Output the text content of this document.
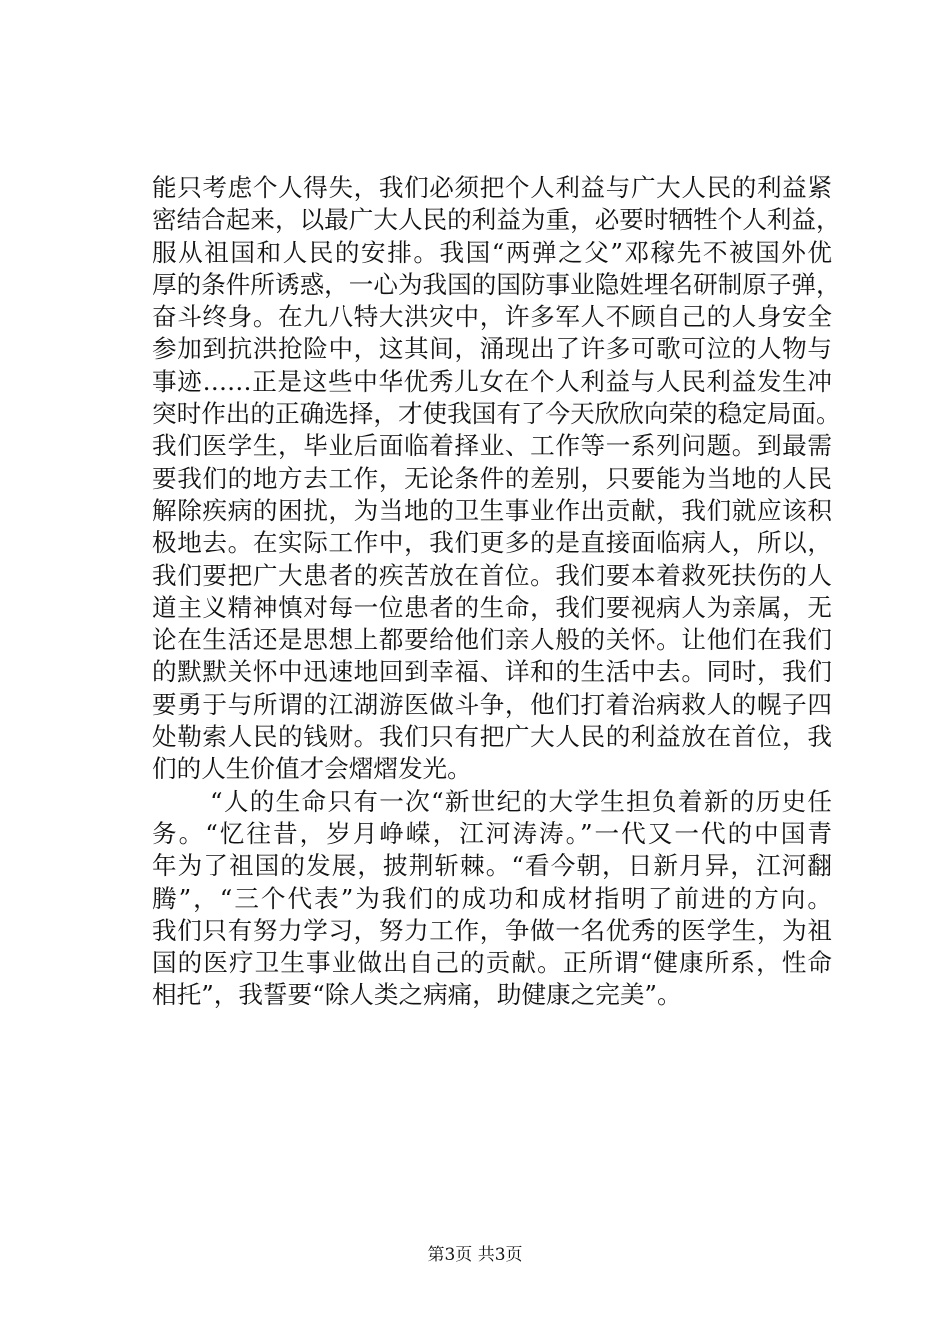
能只考虑个人得失，我们必须把个人利益与广大人民的利益紧
密结合起来，以最广大人民的利益为重，必要时牺牲个人利益，
服从祖国和人民的安排。我国“两弹之父”邓稼先不被国外优
厚的条件所诱惑，一心为我国的国防事业隐姓埋名研制原子弹，
奋斗终身。在九八特大洪灾中，许多军人不顾自己的人身安全
参加到抗洪抢险中，这其间，涌现出了许多可歌可泣的人物与
事迹……正是这些中华优秀儿女在个人利益与人民利益发生冲
突时作出的正确选择，才使我国有了今天欣欣向荣的稳定局面。
我们医学生，毕业后面临着择业、工作等一系列问题。到最需
要我们的地方去工作，无论条件的差别，只要能为当地的人民
解除疾病的困扰，为当地的卫生事业作出贡献，我们就应该积
极地去。在实际工作中，我们更多的是直接面临病人，所以，
我们要把广大患者的疾苦放在首位。我们要本着救死扶伤的人
道主义精神慎对每一位患者的生命，我们要视病人为亲属，无
论在生活还是思想上都要给他们亲人般的关怀。让他们在我们
的默默关怀中迅速地回到幸福、详和的生活中去。同时，我们
要勇于与所谓的江湖游医做斗争，他们打着治病救人的幌子四
处勒索人民的钱财。我们只有把广大人民的利益放在首位，我
们的人生价值才会熠熠发光。
“人的生命只有一次“新世纪的大学生担负着新的历史任
务。“忆往昔，岁月峥嵘，江河涛涛。”一代又一代的中国青
年为了祖国的发展，披荆斩棘。“看今朝，日新月异，江河翻
腾”，“三个代表”为我们的成功和成材指明了前进的方向。
我们只有努力学习，努力工作，争做一名优秀的医学生，为祖
国的医疗卫生事业做出自己的贡献。正所谓“健康所系，性命
相托”，我誓要“除人类之病痛，助健康之完美”。
第3页 共3页
